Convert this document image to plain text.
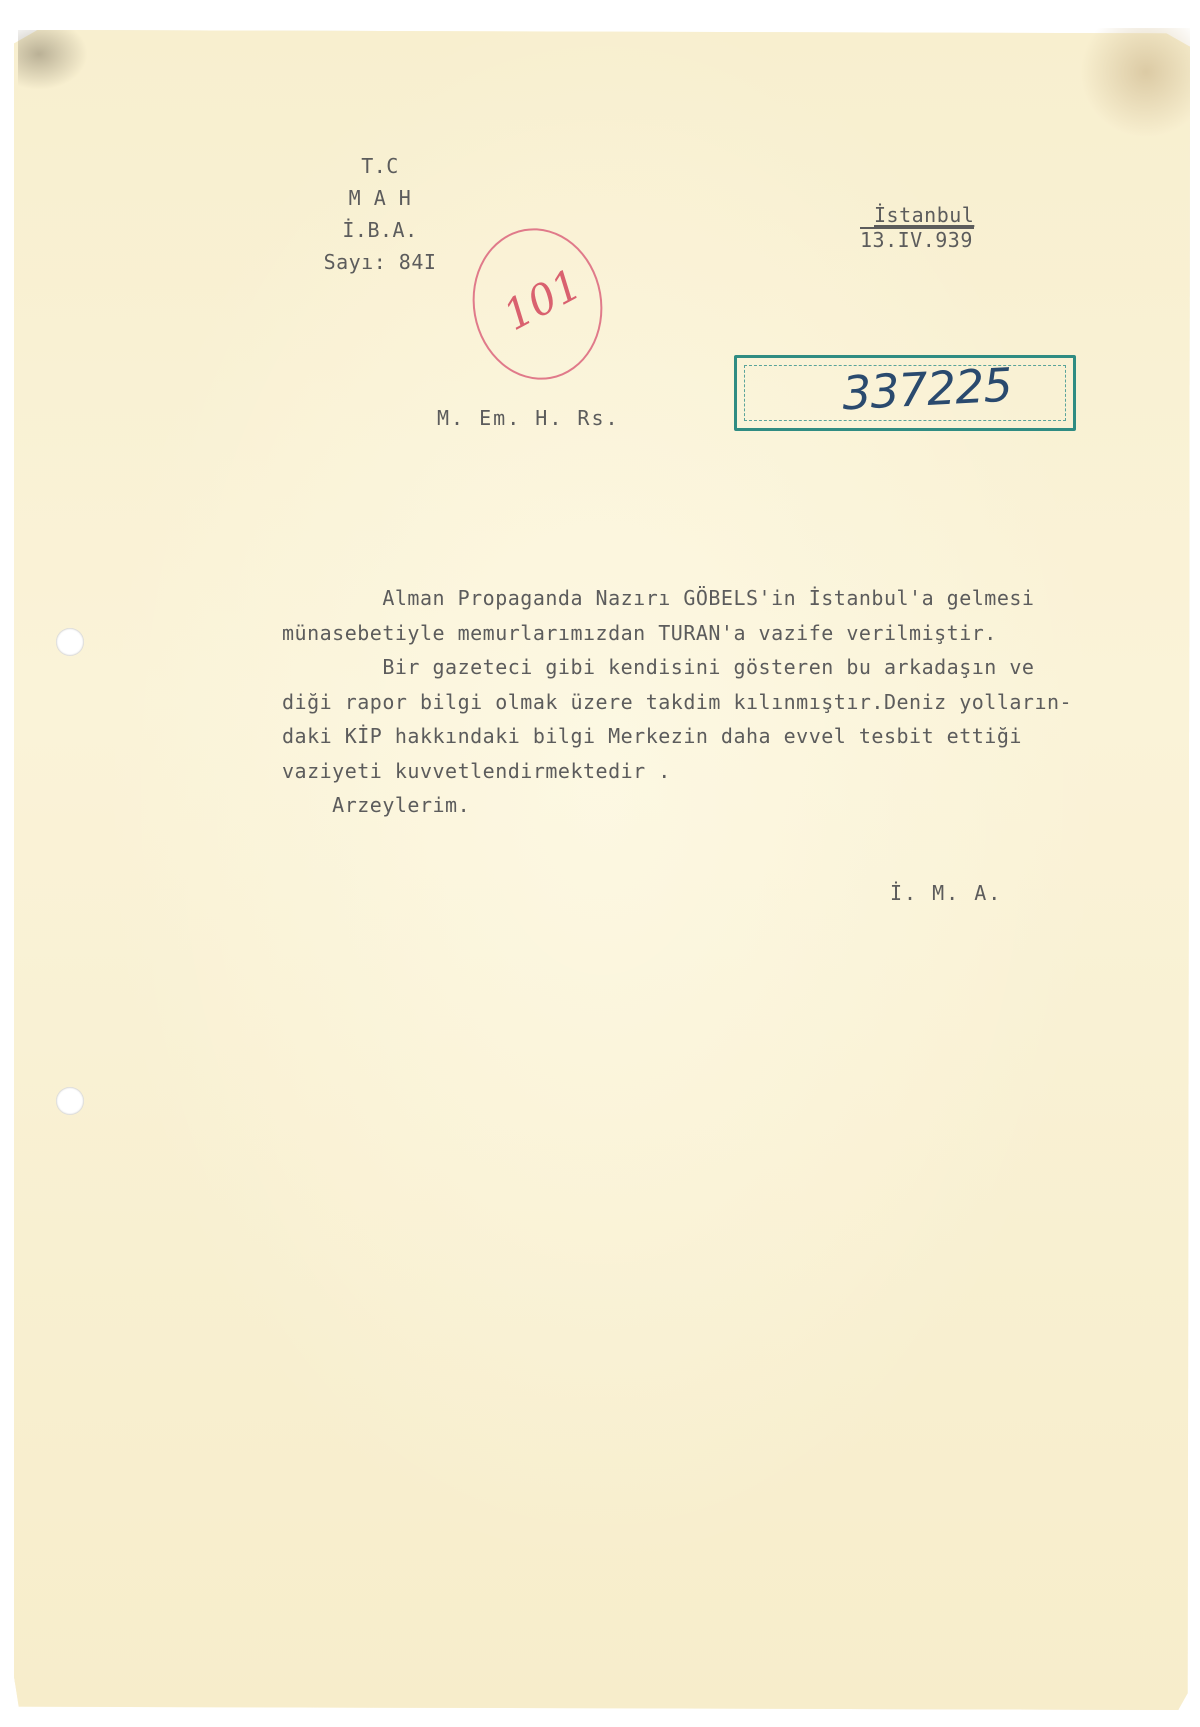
T.C
M A H
İ.B.A.
Sayı: 84I
İstanbul
13.IV.939
101
337225
M. Em. H. Rs.
Alman Propaganda Nazırı GÖBELS'in İstanbul'a gelmesi
münasebetiyle memurlarımızdan TURAN'a vazife verilmiştir.
Bir gazeteci gibi kendisini gösteren bu arkadaşın ve
diği rapor bilgi olmak üzere takdim kılınmıştır.Deniz yolların-
daki KİP hakkındaki bilgi Merkezin daha evvel tesbit ettiği
vaziyeti kuvvetlendirmektedir .
Arzeylerim.
İ. M. A.
